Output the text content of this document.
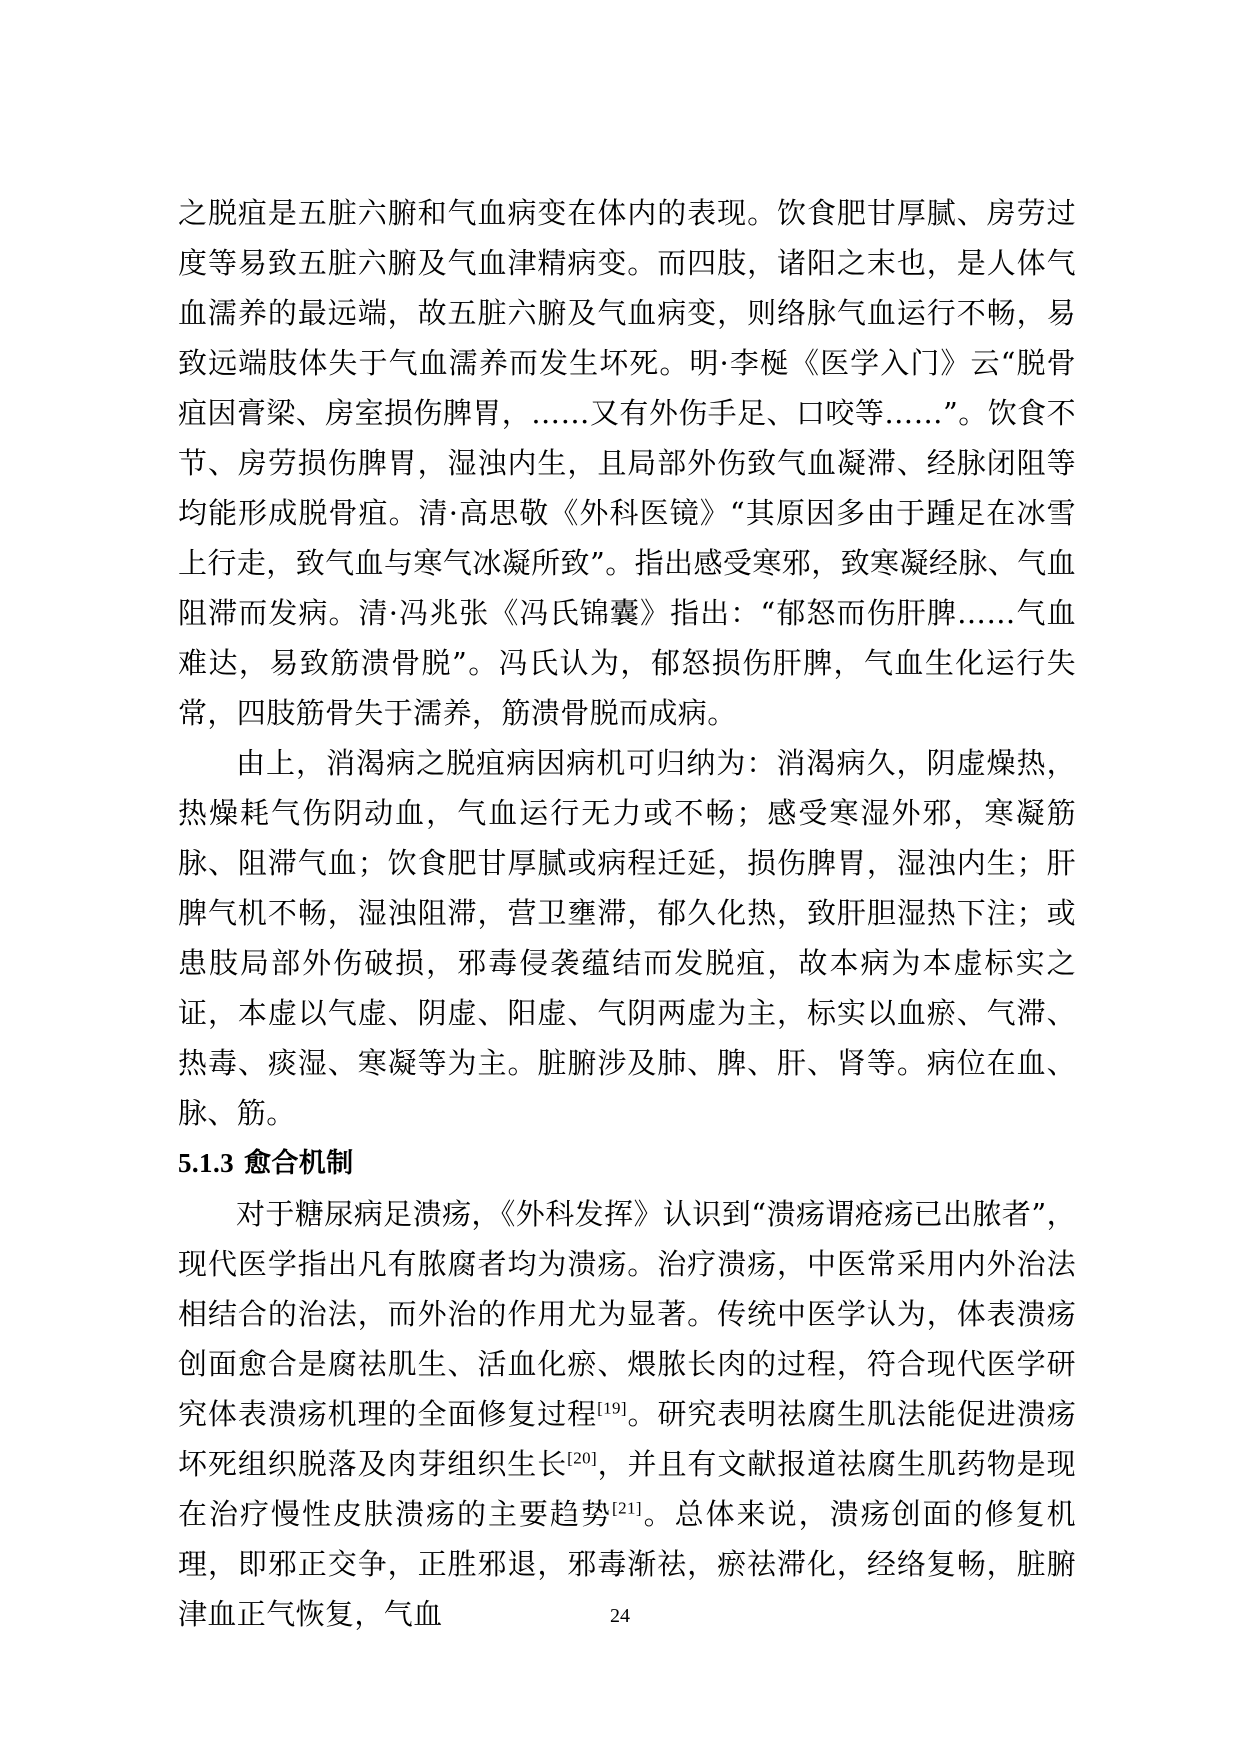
之脱疽是五脏六腑和气血病变在体内的表现。饮食肥甘厚腻、房劳过度等易致五脏六腑及气血津精病变。而四肢，诸阳之末也，是人体气血濡养的最远端，故五脏六腑及气血病变，则络脉气血运行不畅，易致远端肢体失于气血濡养而发生坏死。明·李梴《医学入门》云“脱骨疽因膏梁、房室损伤脾胃，……又有外伤手足、口咬等……”。饮食不节、房劳损伤脾胃，湿浊内生，且局部外伤致气血凝滞、经脉闭阻等均能形成脱骨疽。清·高思敬《外科医镜》“其原因多由于踵足在冰雪上行走，致气血与寒气冰凝所致”。指出感受寒邪，致寒凝经脉、气血阻滞而发病。清·冯兆张《冯氏锦囊》指出：“郁怒而伤肝脾……气血难达，易致筋溃骨脱”。冯氏认为，郁怒损伤肝脾，气血生化运行失常，四肢筋骨失于濡养，筋溃骨脱而成病。

由上，消渴病之脱疽病因病机可归纳为：消渴病久，阴虚燥热，热燥耗气伤阴动血，气血运行无力或不畅；感受寒湿外邪，寒凝筋脉、阻滞气血；饮食肥甘厚腻或病程迁延，损伤脾胃，湿浊内生；肝脾气机不畅，湿浊阻滞，营卫壅滞，郁久化热，致肝胆湿热下注；或患肢局部外伤破损，邪毒侵袭蕴结而发脱疽，故本病为本虚标实之证，本虚以气虚、阴虚、阳虚、气阴两虚为主，标实以血瘀、气滞、热毒、痰湿、寒凝等为主。脏腑涉及肺、脾、肝、肾等。病位在血、脉、筋。

5.1.3 愈合机制

对于糖尿病足溃疡，《外科发挥》认识到“溃疡谓疮疡已出脓者”，现代医学指出凡有脓腐者均为溃疡。治疗溃疡，中医常采用内外治法相结合的治法，而外治的作用尤为显著。传统中医学认为，体表溃疡创面愈合是腐祛肌生、活血化瘀、煨脓长肉的过程，符合现代医学研究体表溃疡机理的全面修复过程[19]。研究表明祛腐生肌法能促进溃疡坏死组织脱落及肉芽组织生长[20]，并且有文献报道祛腐生肌药物是现在治疗慢性皮肤溃疡的主要趋势[21]。总体来说，溃疡创面的修复机理，即邪正交争，正胜邪退，邪毒渐祛，瘀祛滞化，经络复畅，脏腑津血正气恢复，气血	24
